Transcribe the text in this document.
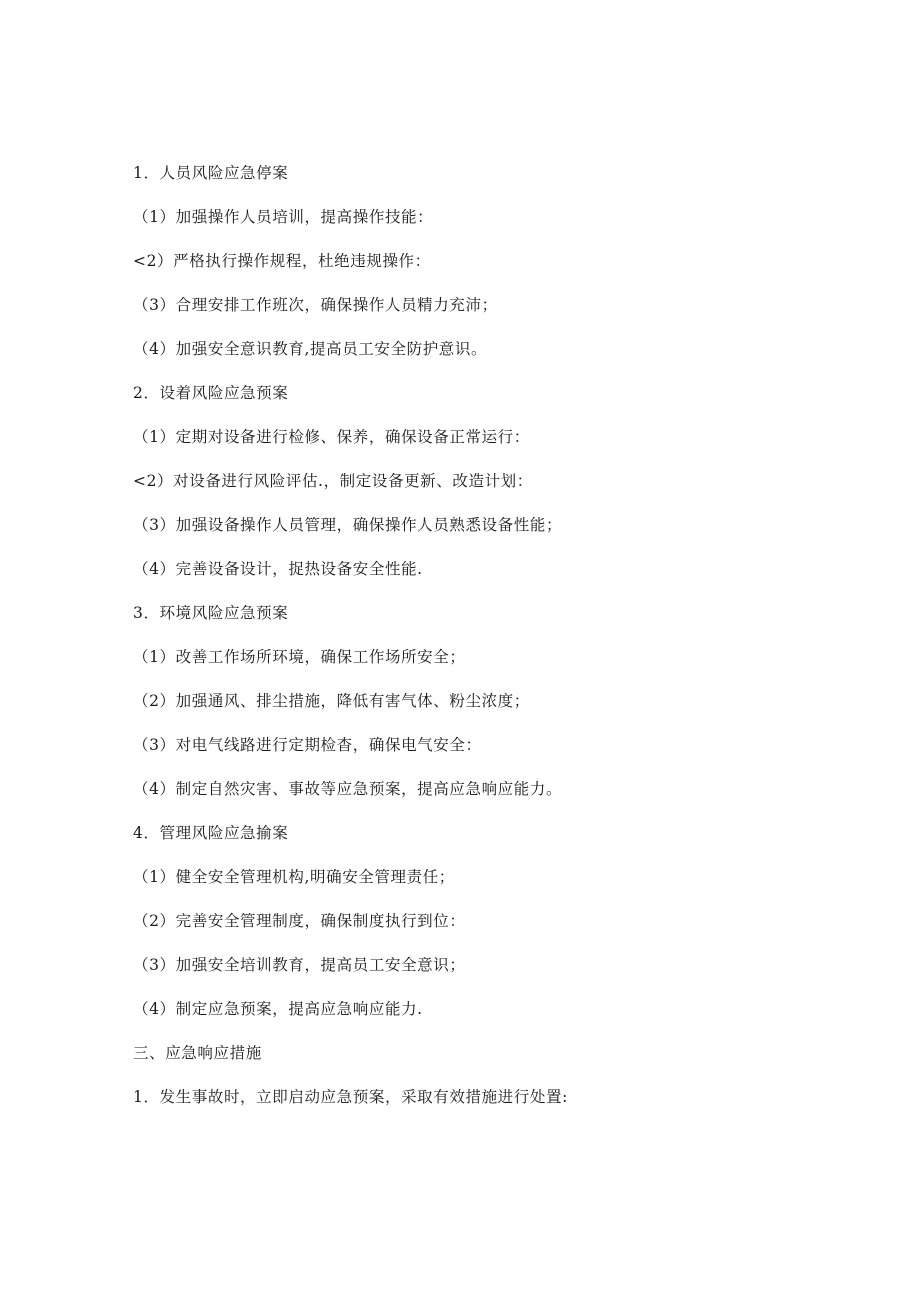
1．人员风险应急停案
（1）加强操作人员培训，提高操作技能：
<2）严格执行操作规程，杜绝违规操作：
（3）合理安排工作班次，确保操作人员精力充沛；
（4）加强安全意识教育,提高员工安全防护意识。
2．设着风险应急预案
（1）定期对设备进行检修、保养，确保设备正常运行：
<2）对设备进行风险评估.，制定设备更新、改造计划：
（3）加强设备操作人员管理，确保操作人员熟悉设备性能；
（4）完善设备设计，捉热设备安全性能.
3．环境风险应急预案
（1）改善工作场所环境，确保工作场所安全；
（2）加强通风、排尘措施，降低有害气体、粉尘浓度；
（3）对电气线路进行定期检杳，确保电气安全：
（4）制定自然灾害、事故等应急预案，提高应急响应能力。
4．管理风险应急揄案
（1）健全安全管理机构,明确安全管理责任；
（2）完善安全管理制度，确保制度执行到位：
（3）加强安全培训教育，提高员工安全意识；
（4）制定应急预案，提高应急响应能力.
三、应急响应措施
1．发生事故时，立即启动应急预案，采取有效措施进行处置:
